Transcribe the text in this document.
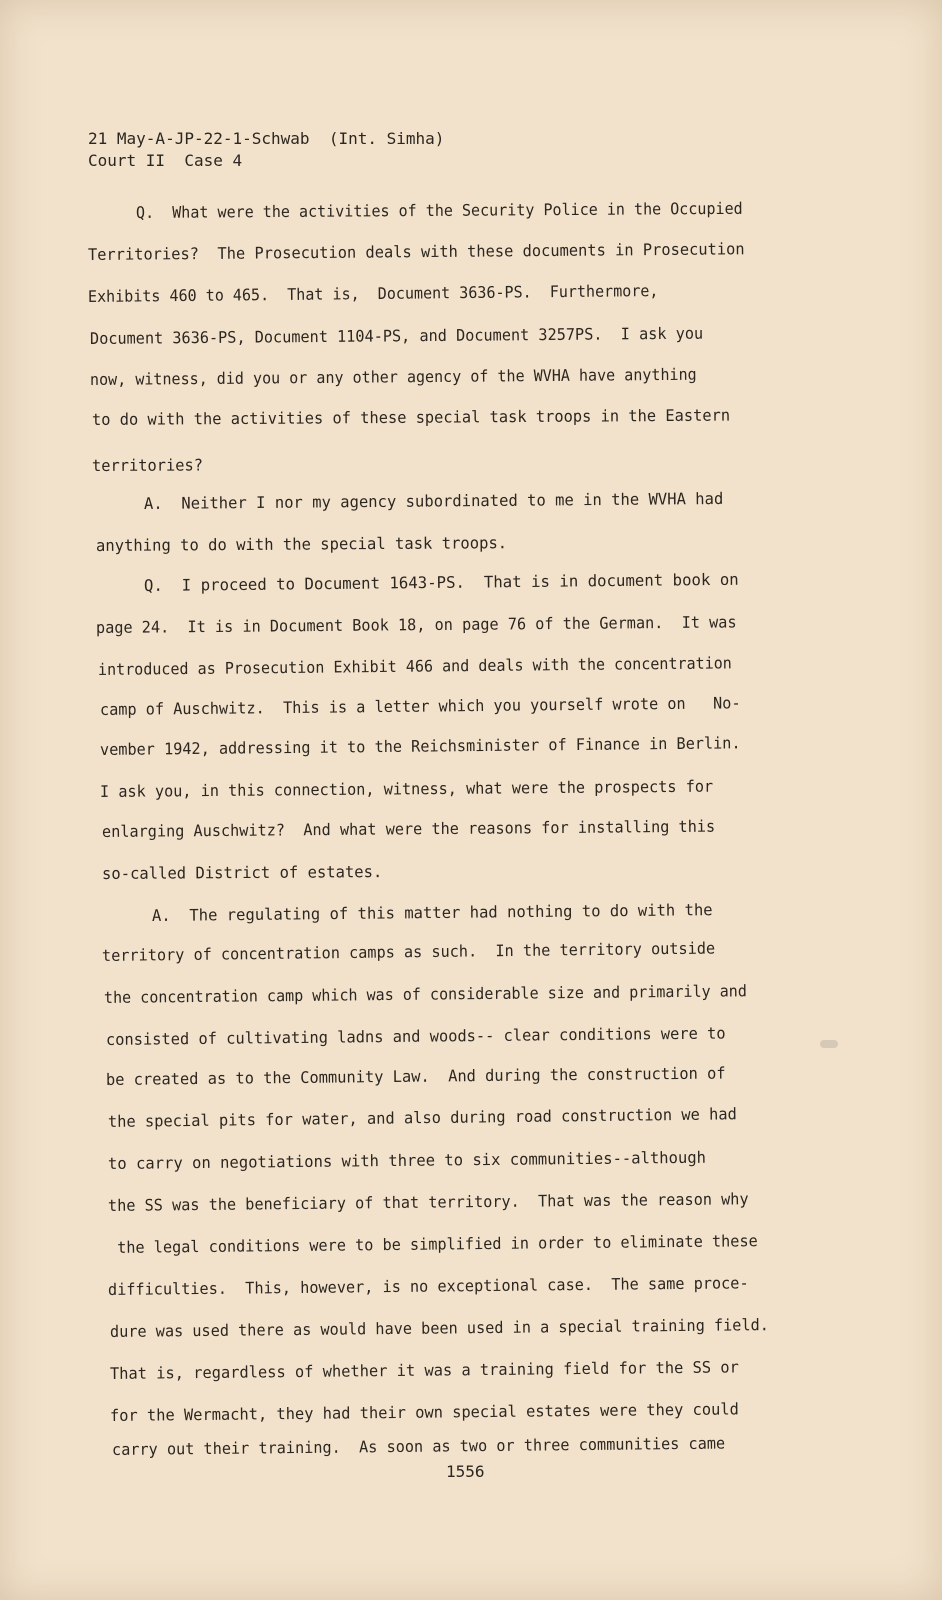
21 May-A-JP-22-1-Schwab  (Int. Simha)
Court II  Case 4
Q.  What were the activities of the Security Police in the Occupied
Territories?  The Prosecution deals with these documents in Prosecution
Exhibits 460 to 465.  That is,  Document 3636-PS.  Furthermore,
Document 3636-PS, Document 1104-PS, and Document 3257PS.  I ask you
now, witness, did you or any other agency of the WVHA have anything
to do with the activities of these special task troops in the Eastern
territories?
A.  Neither I nor my agency subordinated to me in the WVHA had
anything to do with the special task troops.
Q.  I proceed to Document 1643-PS.  That is in document book on
page 24.  It is in Document Book 18, on page 76 of the German.  It was
introduced as Prosecution Exhibit 466 and deals with the concentration
camp of Auschwitz.  This is a letter which you yourself wrote on   No-
vember 1942, addressing it to the Reichsminister of Finance in Berlin.
I ask you, in this connection, witness, what were the prospects for
enlarging Auschwitz?  And what were the reasons for installing this
so-called District of estates.
A.  The regulating of this matter had nothing to do with the
territory of concentration camps as such.  In the territory outside
the concentration camp which was of considerable size and primarily and
consisted of cultivating ladns and woods-- clear conditions were to
be created as to the Community Law.  And during the construction of
the special pits for water, and also during road construction we had
to carry on negotiations with three to six communities--although
the SS was the beneficiary of that territory.  That was the reason why
the legal conditions were to be simplified in order to eliminate these
difficulties.  This, however, is no exceptional case.  The same proce-
dure was used there as would have been used in a special training field.
That is, regardless of whether it was a training field for the SS or
for the Wermacht, they had their own special estates were they could
carry out their training.  As soon as two or three communities came
1556
